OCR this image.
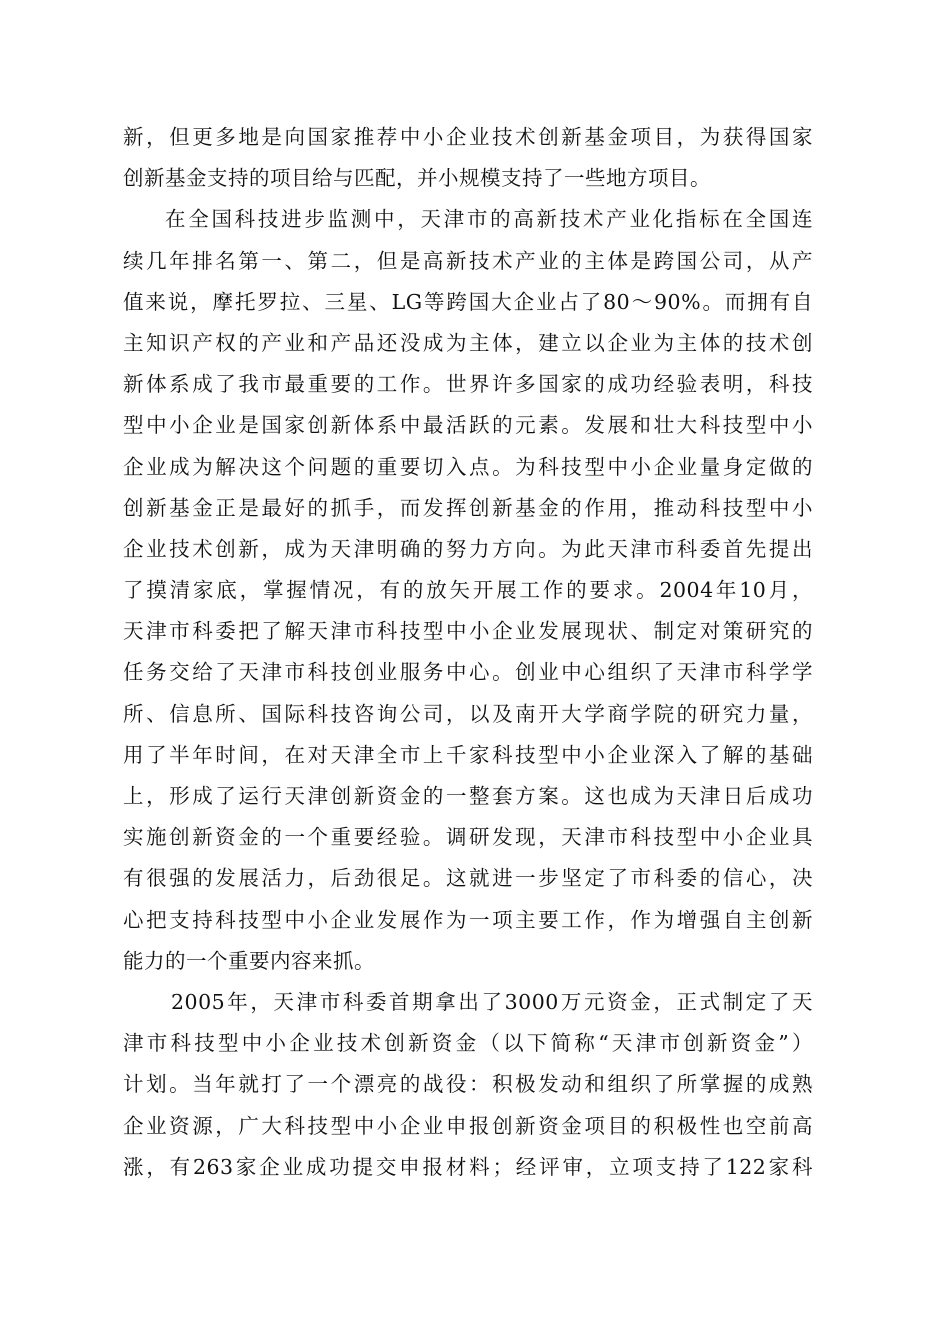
新，但更多地是向国家推荐中小企业技术创新基金项目，为获得国家
创新基金支持的项目给与匹配，并小规模支持了一些地方项目。
在全国科技进步监测中，天津市的高新技术产业化指标在全国连
续几年排名第一、第二，但是高新技术产业的主体是跨国公司，从产
值来说，摩托罗拉、三星、LG等跨国大企业占了80～90%。而拥有自
主知识产权的产业和产品还没成为主体，建立以企业为主体的技术创
新体系成了我市最重要的工作。世界许多国家的成功经验表明，科技
型中小企业是国家创新体系中最活跃的元素。发展和壮大科技型中小
企业成为解决这个问题的重要切入点。为科技型中小企业量身定做的
创新基金正是最好的抓手，而发挥创新基金的作用，推动科技型中小
企业技术创新，成为天津明确的努力方向。为此天津市科委首先提出
了摸清家底，掌握情况，有的放矢开展工作的要求。2004年10月，
天津市科委把了解天津市科技型中小企业发展现状、制定对策研究的
任务交给了天津市科技创业服务中心。创业中心组织了天津市科学学
所、信息所、国际科技咨询公司，以及南开大学商学院的研究力量，
用了半年时间，在对天津全市上千家科技型中小企业深入了解的基础
上，形成了运行天津创新资金的一整套方案。这也成为天津日后成功
实施创新资金的一个重要经验。调研发现，天津市科技型中小企业具
有很强的发展活力，后劲很足。这就进一步坚定了市科委的信心，决
心把支持科技型中小企业发展作为一项主要工作，作为增强自主创新
能力的一个重要内容来抓。
2005年，天津市科委首期拿出了3000万元资金，正式制定了天
津市科技型中小企业技术创新资金（以下简称“天津市创新资金”）
计划。当年就打了一个漂亮的战役：积极发动和组织了所掌握的成熟
企业资源，广大科技型中小企业申报创新资金项目的积极性也空前高
涨，有263家企业成功提交申报材料；经评审，立项支持了122家科
